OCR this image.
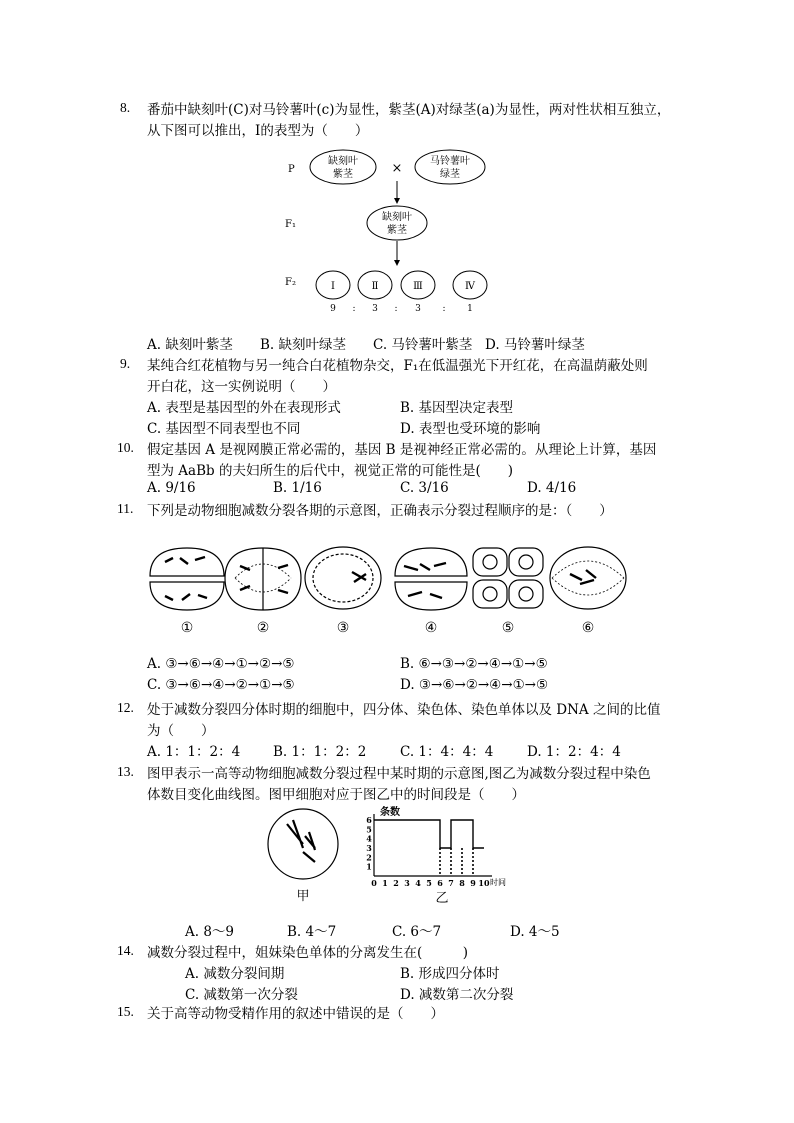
8. 番茄中缺刻叶(C)对马铃薯叶(c)为显性，紫茎(A)对绿茎(a)为显性，两对性状相互独立，
从下图可以推出，Ⅰ的表型为（　　）
P
F₁
F₂
缺刻叶
紫茎	×	马铃薯叶
绿茎
缺刻叶
紫茎
Ⅰ	Ⅱ	Ⅲ	Ⅳ
9 : 3 : 3 : 1
A. 缺刻叶紫茎 B. 缺刻叶绿茎 C. 马铃薯叶紫茎 D. 马铃薯叶绿茎
9. 某纯合红花植物与另一纯合白花植物杂交，F₁在低温强光下开红花，在高温荫蔽处则
开白花，这一实例说明（　　）
A. 表型是基因型的外在表现形式	B. 基因型决定表型
C. 基因型不同表型也不同	D. 表型也受环境的影响
10. 假定基因 A 是视网膜正常必需的，基因 B 是视神经正常必需的。从理论上计算，基因
型为 AaBb 的夫妇所生的后代中，视觉正常的可能性是(　　)
A. 9/16	B. 1/16	C. 3/16	D. 4/16
11. 下列是动物细胞减数分裂各期的示意图，正确表示分裂过程顺序的是：（　　）
①	②	③	④	⑤	⑥
A. ③→⑥→④→①→②→⑤	B. ⑥→③→②→④→①→⑤
C. ③→⑥→④→②→①→⑤	D. ③→⑥→②→④→①→⑤
12. 处于减数分裂四分体时期的细胞中，四分体、染色体、染色单体以及 DNA 之间的比值
为（　　）
A. 1：1：2：4 B. 1：1：2：2 C. 1：4：4：4 D. 1：2：4：4
13. 图甲表示一高等动物细胞减数分裂过程中某时期的示意图,图乙为减数分裂过程中染色
体数目变化曲线图。图甲细胞对应于图乙中的时间段是（　　）
甲
条数
时间
0 1 2 3 4 5 6 7 8 9 10
1
2
3
4
5
6
乙
A. 8～9	B. 4～7	C. 6～7	D. 4～5
14. 减数分裂过程中，姐妹染色单体的分离发生在(　　　)
A. 减数分裂间期	B. 形成四分体时
C. 减数第一次分裂	D. 减数第二次分裂
15. 关于高等动物受精作用的叙述中错误的是（　　）
